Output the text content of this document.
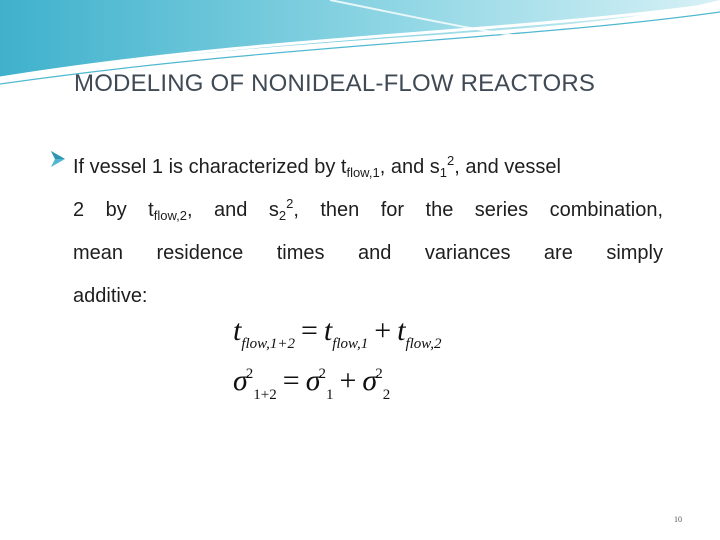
MODELING OF NONIDEAL-FLOW REACTORS
If vessel 1 is characterized by $t_{flow,1}$, and $s_1^2$, and vessel
2 by $t_{flow,2}$, and $s_2^2$, then for the series combination,
mean residence times and variances are simply
additive:
$t_{flow,1+2} = t_{flow,1} + t_{flow,2}$
$\sigma^2_{1+2} = \sigma^2_1 + \sigma^2_2$
10
